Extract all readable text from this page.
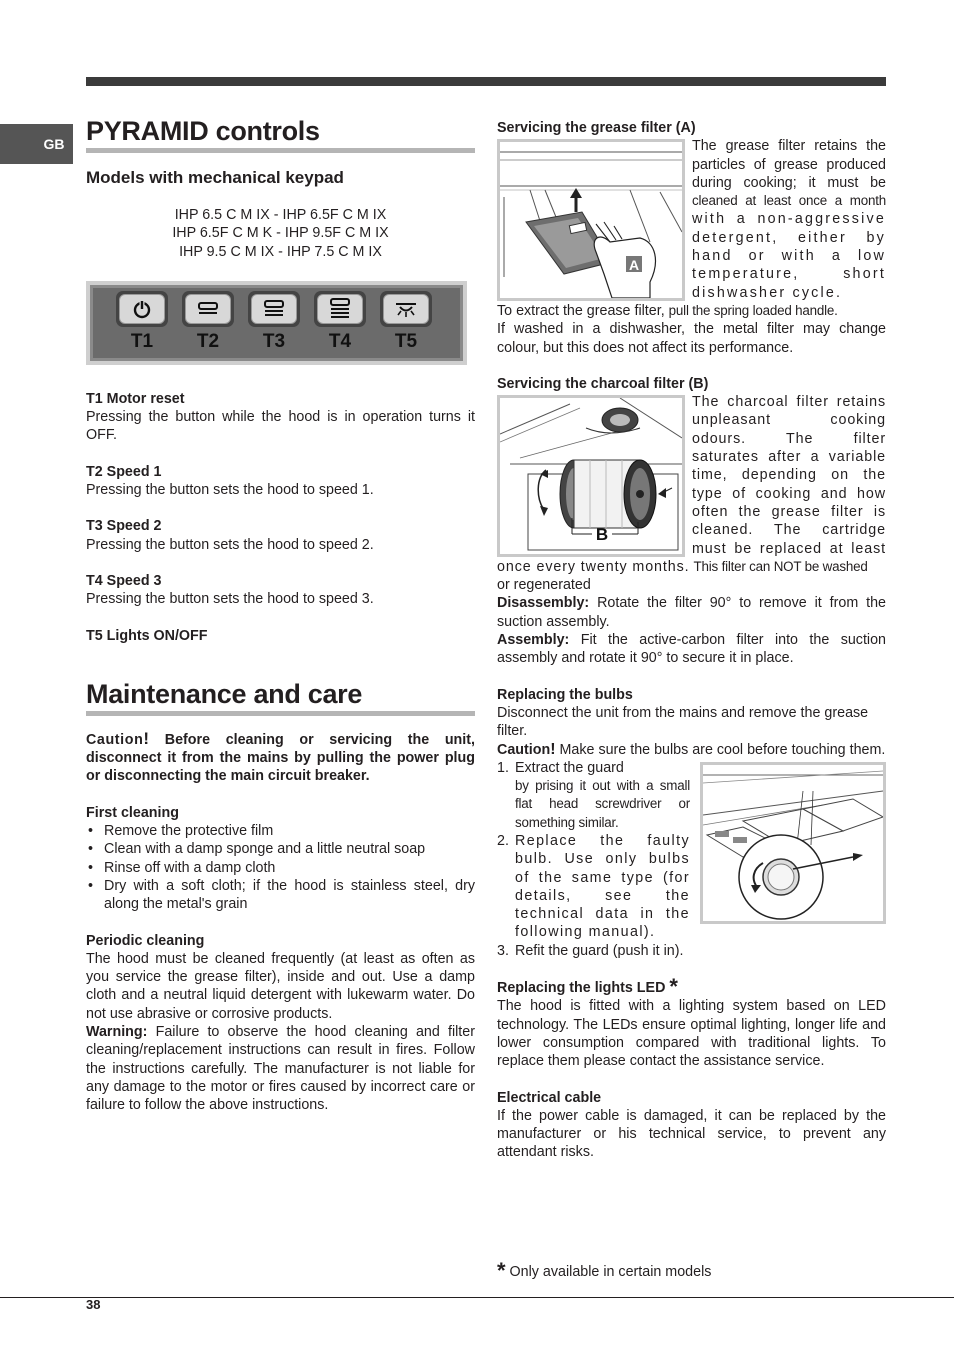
GB PYRAMID controls
Models with mechanical keypad
IHP 6.5 C M IX - IHP 6.5F C M IX
IHP 6.5F C M K - IHP 9.5F C M IX
IHP 9.5 C M IX - IHP 7.5 C M IX
T1	T2	T3	T4	T5
T1 Motor reset

Pressing the button while the hood is in operation turns it OFF.

T2 Speed 1

Pressing the button sets the hood to speed 1.

T3 Speed 2

Pressing the button sets the hood to speed 2.

T4 Speed 3

Pressing the button sets the hood to speed 3.

T5 Lights ON/OFF
Maintenance and care

Caution! Before cleaning or servicing the unit, disconnect it from the mains by pulling the power plug or disconnecting the main circuit breaker.

First cleaning
• Remove the protective film
• Clean with a damp sponge and a little neutral soap
• Rinse off with a damp cloth
• Dry with a soft cloth; if the hood is stainless steel, dry along the metal's grain
Periodic cleaning

The hood must be cleaned frequently (at least as often as you service the grease filter), inside and out. Use a damp cloth and a neutral liquid detergent with lukewarm water. Do not use abrasive or corrosive products.

Warning: Failure to observe the hood cleaning and filter cleaning/replacement instructions can result in fires. Follow the instructions carefully. The manufacturer is not liable for any damage to the motor or fires caused by incorrect care or failure to follow the above instructions.

Servicing the grease filter (A)
A

The grease filter retains the particles of grease produced during cooking; it must be cleaned at least once a month with a non-aggressive detergent, either by hand or with a low temperature, short dishwasher cycle.

To extract the grease filter, pull the spring loaded handle.

If washed in a dishwasher, the metal filter may change colour, but this does not affect its performance.

Servicing the charcoal filter (B)
B

The charcoal filter retains unpleasant cooking odours. The filter saturates after a variable time, depending on the type of cooking and how often the grease filter is cleaned. The cartridge must be replaced at least once every twenty months. This filter can NOT be washed

or regenerated

Disassembly: Rotate the filter 90° to remove it from the suction assembly.

Assembly: Fit the active-carbon filter into the suction assembly and rotate it 90° to secure it in place.

Replacing the bulbs

Disconnect the unit from the mains and remove the grease filter.

Caution! Make sure the bulbs are cool before touching them.

1. Extract the guard

by prising it out with a small flat head screwdriver or something similar.
2. Replace the faulty bulb. Use only bulbs of the same type (for details, see the technical data in the following manual).
3. Refit the guard (push it in).
Replacing the lights LED *

The hood is fitted with a lighting system based on LED technology. The LEDs ensure optimal lighting, longer life and lower consumption compared with traditional lights. To replace them please contact the assistance service.

Electrical cable

If the power cable is damaged, it can be replaced by the manufacturer or his technical service, to prevent any attendant risks.

* Only available in certain models
38
